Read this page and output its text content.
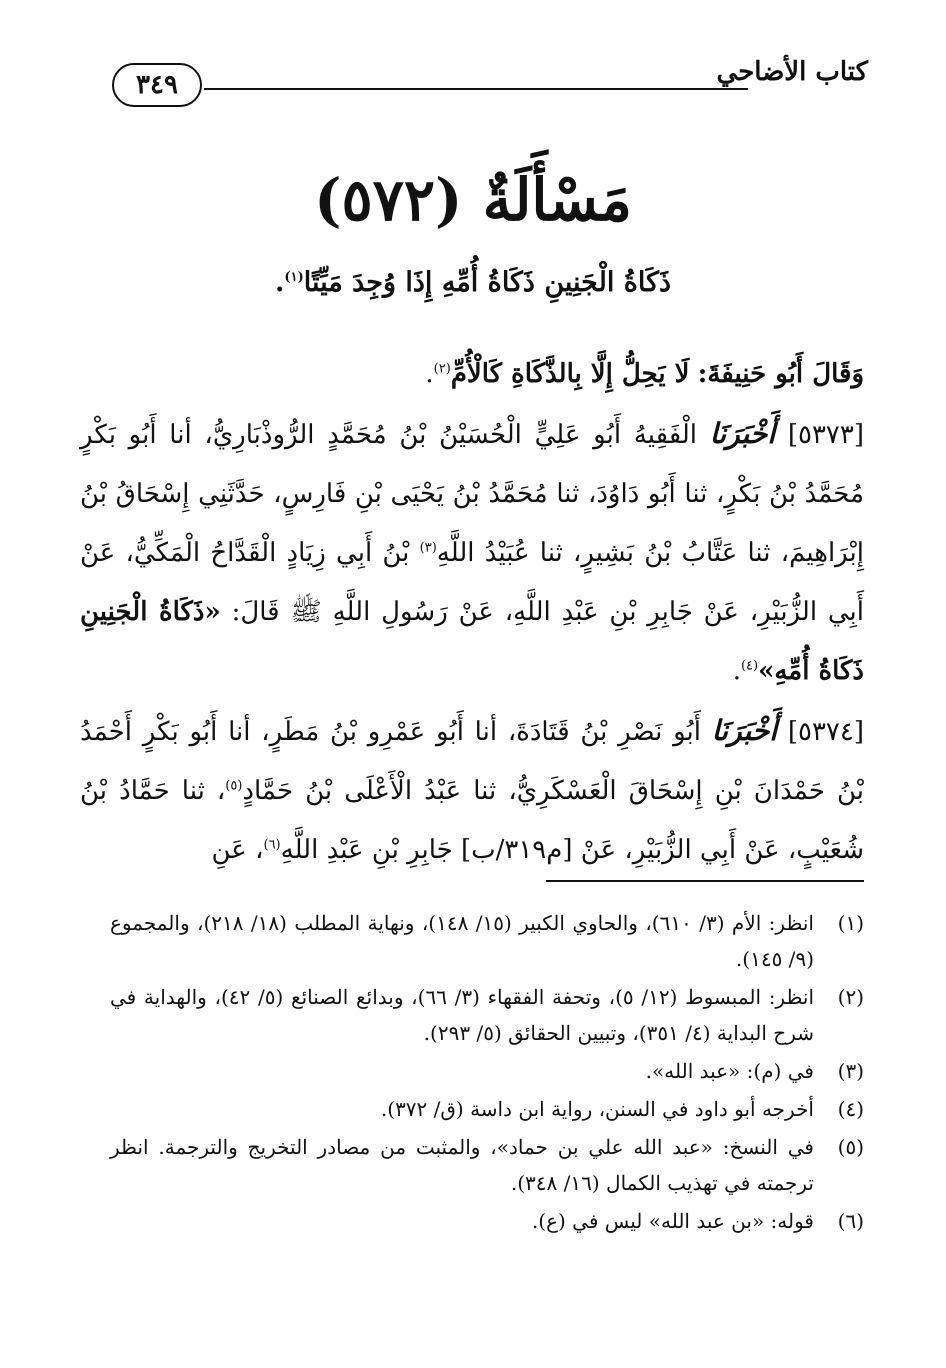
كتاب الأضاحي
٣٤٩
مَسْأَلَةٌ (٥٧٢)
ذَكَاةُ الْجَنِينِ ذَكَاةُ أُمِّهِ إِذَا وُجِدَ مَيِّتًا$^{(١)}$.

وَقَالَ أَبُو حَنِيفَةَ: لَا يَحِلُّ إِلَّا بِالذَّكَاةِ كَالْأُمِّ$^{(٢)}$.

[٥٣٧٣] أَخْبَرَنَا الْفَقِيهُ أَبُو عَلِيٍّ الْحُسَيْنُ بْنُ مُحَمَّدٍ الرُّوذْبَارِيُّ، أنا أَبُو بَكْرٍ مُحَمَّدُ بْنُ بَكْرٍ، ثنا أَبُو دَاوُدَ، ثنا مُحَمَّدُ بْنُ يَحْيَى بْنِ فَارِسٍ، حَدَّثَنِي إِسْحَاقُ بْنُ إِبْرَاهِيمَ، ثنا عَتَّابُ بْنُ بَشِيرٍ، ثنا عُبَيْدُ اللَّهِ$^{(٣)}$ بْنُ أَبِي زِيَادٍ الْقَدَّاحُ الْمَكِّيُّ، عَنْ أَبِي الزُّبَيْرِ، عَنْ جَابِرِ بْنِ عَبْدِ اللَّهِ، عَنْ رَسُولِ اللَّهِ ﷺ قَالَ: «ذَكَاةُ الْجَنِينِ ذَكَاةُ أُمِّهِ»$^{(٤)}$.

[٥٣٧٤] أَخْبَرَنَا أَبُو نَصْرِ بْنُ قَتَادَةَ، أنا أَبُو عَمْرِو بْنُ مَطَرٍ، أنا أَبُو بَكْرٍ أَحْمَدُ بْنُ حَمْدَانَ بْنِ إِسْحَاقَ الْعَسْكَرِيُّ، ثنا عَبْدُ الْأَعْلَى بْنُ حَمَّادٍ$^{(٥)}$، ثنا حَمَّادُ بْنُ شُعَيْبٍ، عَنْ أَبِي الزُّبَيْرِ، عَنْ [م٣١٩/ب] جَابِرِ بْنِ عَبْدِ اللَّهِ$^{(٦)}$، عَنِ

(١)
انظر: الأم (٣/ ٦١٠)، والحاوي الكبير (١٥/ ١٤٨)، ونهاية المطلب (١٨/ ٢١٨)، والمجموع (٩/ ١٤٥).
(٢)
انظر: المبسوط (١٢/ ٥)، وتحفة الفقهاء (٣/ ٦٦)، وبدائع الصنائع (٥/ ٤٢)، والهداية في شرح البداية (٤/ ٣٥١)، وتبيين الحقائق (٥/ ٢٩٣).
(٣)
في (م): «عبد الله».
(٤)
أخرجه أبو داود في السنن، رواية ابن داسة (ق/ ٣٧٢).
(٥)
في النسخ: «عبد الله علي بن حماد»، والمثبت من مصادر التخريج والترجمة. انظر ترجمته في تهذيب الكمال (١٦/ ٣٤٨).
(٦)
قوله: «بن عبد الله» ليس في (ع).
